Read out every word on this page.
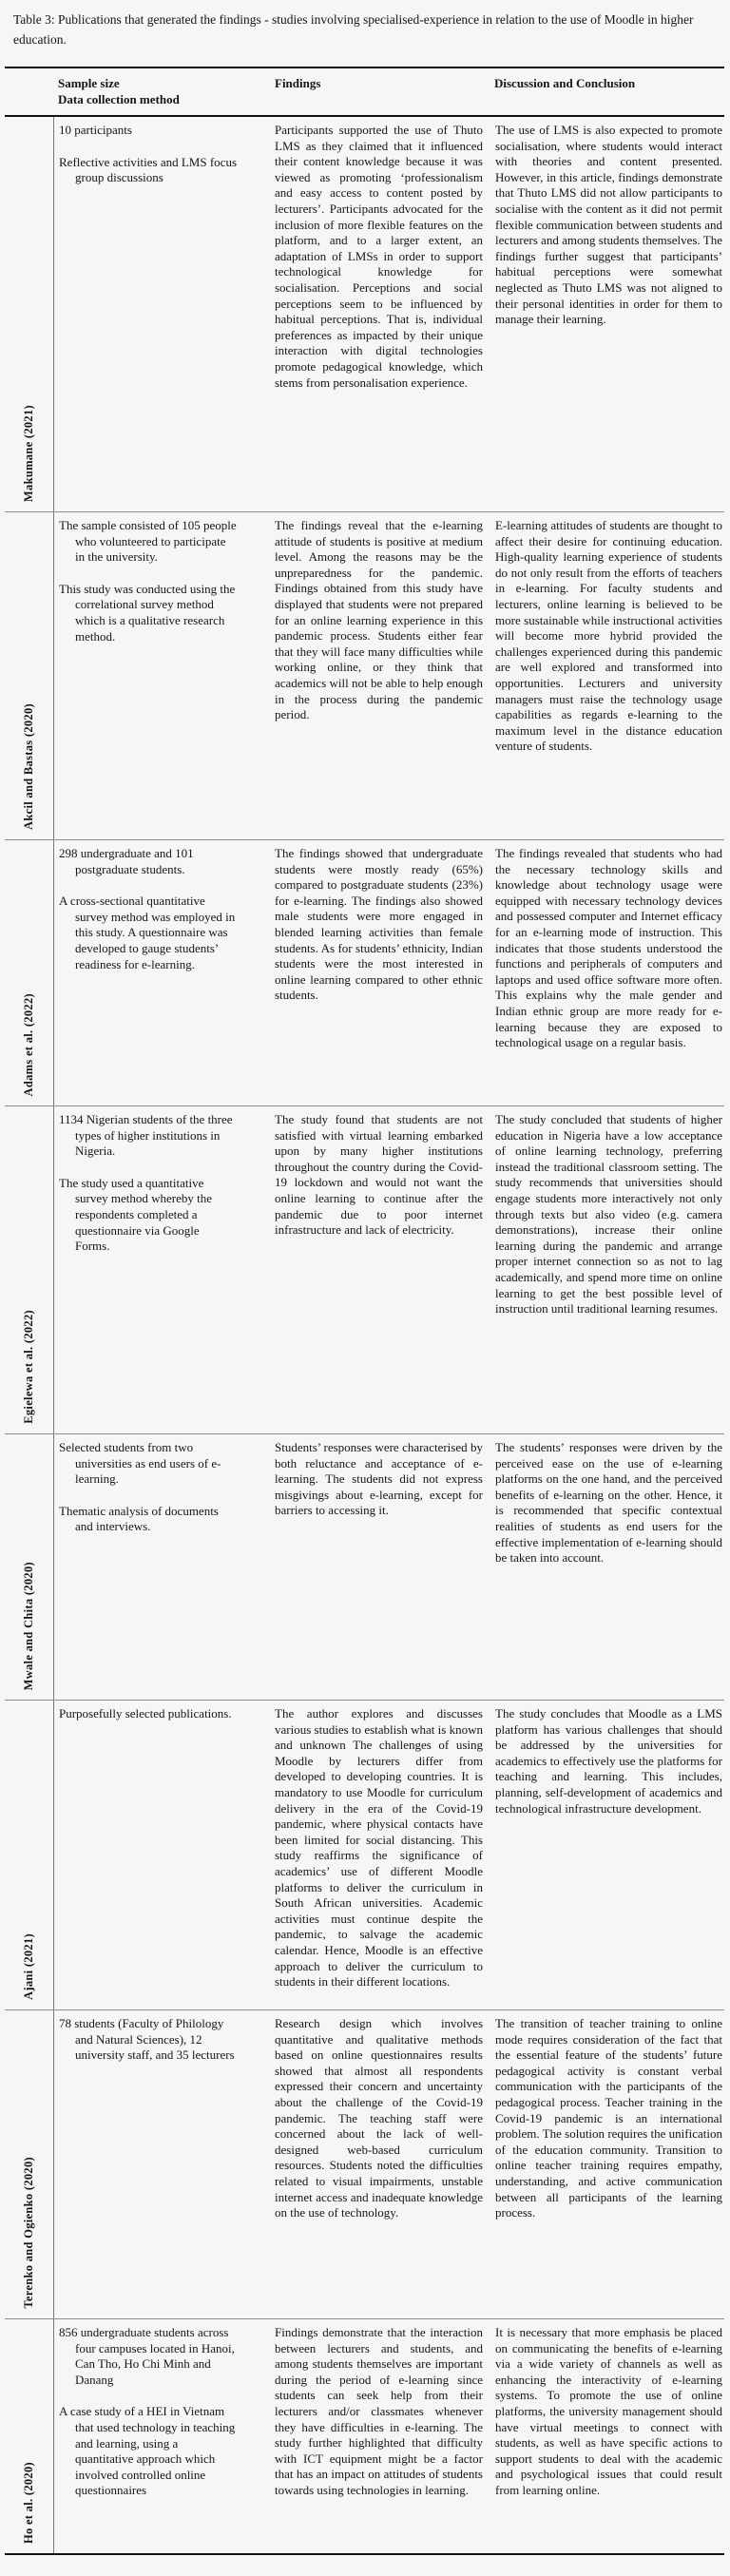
Table 3: Publications that generated the findings - studies involving specialised-experience in relation to the use of Moodle in higher education.

Sample size
Data collection method
Findings	Discussion and Conclusion
Makumane (2021)

10 participants

Reflective activities and LMS focus group discussions

Participants supported the use of Thuto LMS as they claimed that it influenced their content knowledge because it was viewed as promoting ‘professionalism and easy access to content posted by lecturers’. Participants advocated for the inclusion of more flexible features on the platform, and to a larger extent, an adaptation of LMSs in order to support technological knowledge for socialisation. Perceptions and social perceptions seem to be influenced by habitual perceptions. That is, individual preferences as impacted by their unique interaction with digital technologies promote pedagogical knowledge, which stems from personalisation experience.

The use of LMS is also expected to promote socialisation, where students would interact with theories and content presented. However, in this article, findings demonstrate that Thuto LMS did not allow participants to socialise with the content as it did not permit flexible communication between students and lecturers and among students themselves. The findings further suggest that participants’ habitual perceptions were somewhat neglected as Thuto LMS was not aligned to their personal identities in order for them to manage their learning.

Akcil and Bastas (2020)

The sample consisted of 105 people who volunteered to participate in the university.

This study was conducted using the correlational survey method which is a qualitative research method.

The findings reveal that the e-learning attitude of students is positive at medium level. Among the reasons may be the unpreparedness for the pandemic. Findings obtained from this study have displayed that students were not prepared for an online learning experience in this pandemic process. Students either fear that they will face many difficulties while working online, or they think that academics will not be able to help enough in the process during the pandemic period.

E-learning attitudes of students are thought to affect their desire for continuing education. High-quality learning experience of students do not only result from the efforts of teachers in e-learning. For faculty students and lecturers, online learning is believed to be more sustainable while instructional activities will become more hybrid provided the challenges experienced during this pandemic are well explored and transformed into opportunities. Lecturers and university managers must raise the technology usage capabilities as regards e-learning to the maximum level in the distance education venture of students.

Adams et al. (2022)

298 undergraduate and 101 postgraduate students.

A cross-sectional quantitative survey method was employed in this study. A questionnaire was developed to gauge students’ readiness for e-learning.

The findings showed that undergraduate students were mostly ready (65%) compared to postgraduate students (23%) for e-learning. The findings also showed male students were more engaged in blended learning activities than female students. As for students’ ethnicity, Indian students were the most interested in online learning compared to other ethnic students.

The findings revealed that students who had the necessary technology skills and knowledge about technology usage were equipped with necessary technology devices and possessed computer and Internet efficacy for an e-learning mode of instruction. This indicates that those students understood the functions and peripherals of computers and laptops and used office software more often. This explains why the male gender and Indian ethnic group are more ready for e-learning because they are exposed to technological usage on a regular basis.

Egielewa et al. (2022)

1134 Nigerian students of the three types of higher institutions in Nigeria.

The study used a quantitative survey method whereby the respondents completed a questionnaire via Google Forms.

The study found that students are not satisfied with virtual learning embarked upon by many higher institutions throughout the country during the Covid-19 lockdown and would not want the online learning to continue after the pandemic due to poor internet infrastructure and lack of electricity.

The study concluded that students of higher education in Nigeria have a low acceptance of online learning technology, preferring instead the traditional classroom setting. The study recommends that universities should engage students more interactively not only through texts but also video (e.g. camera demonstrations), increase their online learning during the pandemic and arrange proper internet connection so as not to lag academically, and spend more time on online learning to get the best possible level of instruction until traditional learning resumes.

Mwale and Chita (2020)

Selected students from two universities as end users of e-learning.

Thematic analysis of documents and interviews.

Students’ responses were characterised by both reluctance and acceptance of e-learning. The students did not express misgivings about e-learning, except for barriers to accessing it.

The students’ responses were driven by the perceived ease on the use of e-learning platforms on the one hand, and the perceived benefits of e-learning on the other. Hence, it is recommended that specific contextual realities of students as end users for the effective implementation of e-learning should be taken into account.

Ajani (2021)

Purposefully selected publications.	The author explores and discusses various studies to establish what is known and unknown The challenges of using Moodle by lecturers differ from developed to developing countries. It is mandatory to use Moodle for curriculum delivery in the era of the Covid-19 pandemic, where physical contacts have been limited for social distancing. This study reaffirms the significance of academics’ use of different Moodle platforms to deliver the curriculum in South African universities. Academic activities must continue despite the pandemic, to salvage the academic calendar. Hence, Moodle is an effective approach to deliver the curriculum to students in their different locations.

The study concludes that Moodle as a LMS platform has various challenges that should be addressed by the universities for academics to effectively use the platforms for teaching and learning. This includes, planning, self-development of academics and technological infrastructure development.

Terenko and Ogienko (2020)

78 students (Faculty of Philology and Natural Sciences), 12 university staff, and 35 lecturers

Research design which involves quantitative and qualitative methods based on online questionnaires results showed that almost all respondents expressed their concern and uncertainty about the challenge of the Covid-19 pandemic. The teaching staff were concerned about the lack of well-designed web-based curriculum resources. Students noted the difficulties related to visual impairments, unstable internet access and inadequate knowledge on the use of technology.

The transition of teacher training to online mode requires consideration of the fact that the essential feature of the students’ future pedagogical activity is constant verbal communication with the participants of the pedagogical process. Teacher training in the Covid-19 pandemic is an international problem. The solution requires the unification of the education community. Transition to online teacher training requires empathy, understanding, and active communication between all participants of the learning process.

Ho et al. (2020)

856 undergraduate students across four campuses located in Hanoi, Can Tho, Ho Chi Minh and Danang

A case study of a HEI in Vietnam that used technology in teaching and learning, using a quantitative approach which involved controlled online questionnaires

Findings demonstrate that the interaction between lecturers and students, and among students themselves are important during the period of e-learning since students can seek help from their lecturers and/or classmates whenever they have difficulties in e-learning. The study further highlighted that difficulty with ICT equipment might be a factor that has an impact on attitudes of students towards using technologies in learning.

It is necessary that more emphasis be placed on communicating the benefits of e-learning via a wide variety of channels as well as enhancing the interactivity of e-learning systems. To promote the use of online platforms, the university management should have virtual meetings to connect with students, as well as have specific actions to support students to deal with the academic and psychological issues that could result from learning online.
